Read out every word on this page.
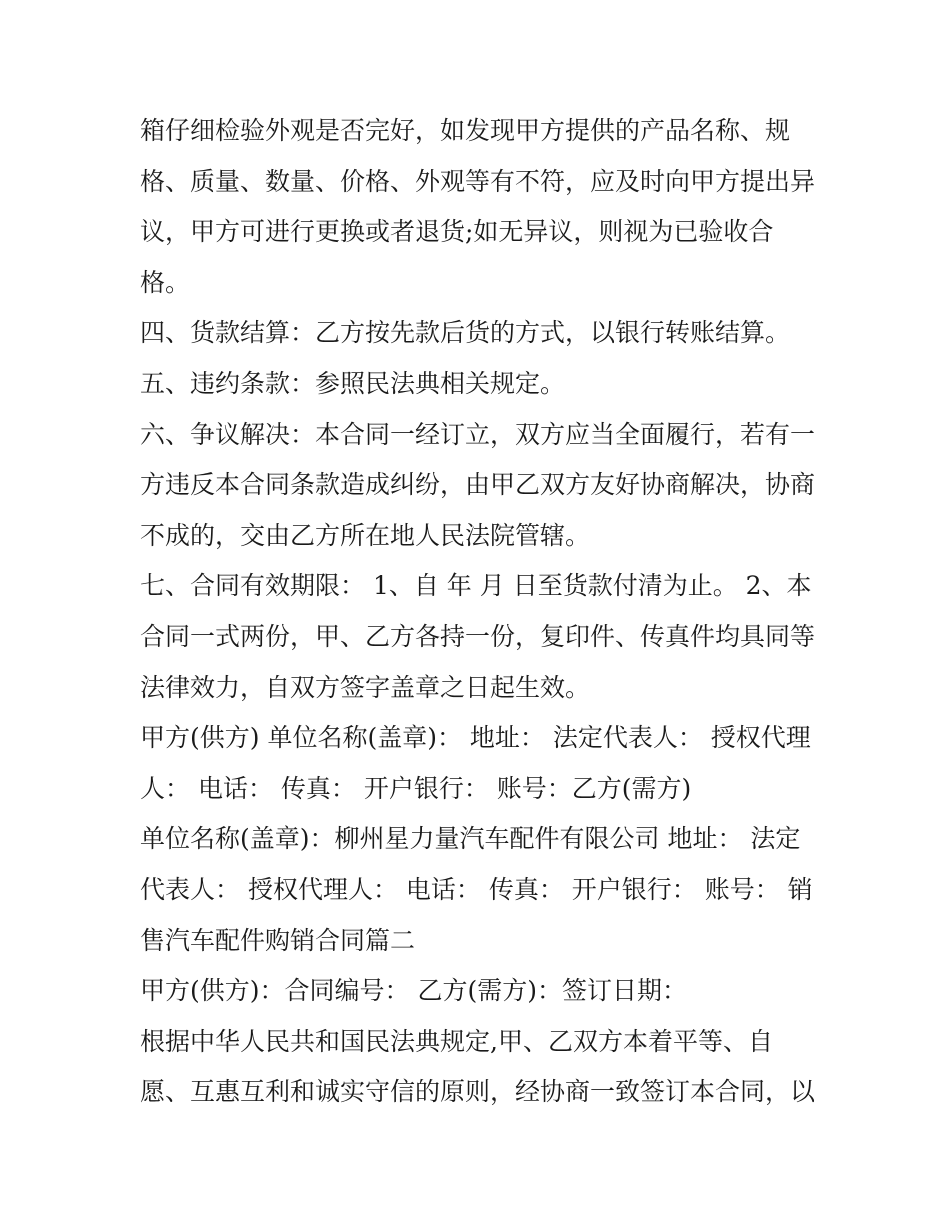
箱仔细检验外观是否完好，如发现甲方提供的产品名称、规

格、质量、数量、价格、外观等有不符，应及时向甲方提出异

议，甲方可进行更换或者退货;如无异议，则视为已验收合

格。

四、货款结算：乙方按先款后货的方式，以银行转账结算。

五、违约条款：参照民法典相关规定。

六、争议解决：本合同一经订立，双方应当全面履行，若有一

方违反本合同条款造成纠纷，由甲乙双方友好协商解决，协商

不成的，交由乙方所在地人民法院管辖。

七、合同有效期限： 1、自 年 月 日至货款付清为止。 2、本

合同一式两份，甲、乙方各持一份，复印件、传真件均具同等

法律效力，自双方签字盖章之日起生效。

甲方(供方) 单位名称(盖章)： 地址： 法定代表人： 授权代理

人： 电话： 传真： 开户银行： 账号：乙方(需方)

单位名称(盖章)：柳州星力量汽车配件有限公司 地址： 法定

代表人： 授权代理人： 电话： 传真： 开户银行： 账号： 销

售汽车配件购销合同篇二

甲方(供方)：合同编号： 乙方(需方)：签订日期：

根据中华人民共和国民法典规定,甲、乙双方本着平等、自

愿、互惠互利和诚实守信的原则，经协商一致签订本合同，以
